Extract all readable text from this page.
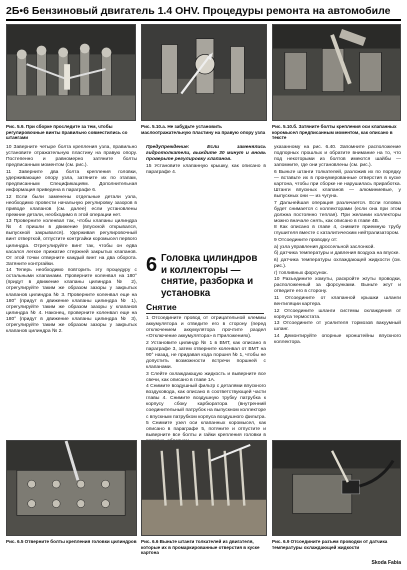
2Б•6 Бензиновый двигатель 1.4 OHV. Процедуры ремонта на автомобиле
Рис. 5.9. При сборке проследите за тем, чтобы регулировочные винты правильно совместились со штангами
Рис. 5.10.а. Не забудьте установить маслоотражательную пластину на правую опору узла
Рис. 5.10.б. Затяните болты крепления оси клапанных коромысел предписанным моментом, как описано в тексте

10 Заверните четыре болта крепления узла, правильно установите отражательную пластину на правую опору. Постепенно и равномерно затяните болты предписанным моментом (см. рис.).

11 Заверните два болта крепления головки, удерживающие опору узла, затяните их по этапам, предписанным Спецификациям. Дополнительная информация приведена в параграфе 6.

12 Если были заменены отдельные детали узла, необходимо провести начальную регулировку зазоров в приводе клапанов (см. далее) если установлены прежние детали, необходимо в этой операции нет.

13 Проверните коленвал так, чтобы клапаны цилиндра № 4 пришли в движение (впускной открывался, выпускной закрывался). Удерживая регулировочный винт отверткой, отпустите контргайки коромысел первого цилиндра. Отрегулируйте винт так, чтобы он едва касался легкое прижатие стержней закрытых клапанов. От этой точки отверните каждый винт на два оборота. Затяните контргайки.

14 Теперь необходимо повторить эту процедуру с остальными клапанами. Проверните коленвал на 180° (придут в движение клапаны цилиндра № 2), отрегулируйте таким же образом зазоры у закрытых клапанов цилиндра № 3. Проверните коленвал еще на 180° (придут в движение клапаны цилиндра № 1), отрегулируйте таким же образом зазоры у клапанов цилиндра № 4. Наконец, проверните коленвал еще на 180° (придут в движение клапаны цилиндра № 3), отрегулируйте таким же образом зазоры у закрытых клапанов цилиндра № 2.

Предупреждение: Если заменялись гидротолкатели, выждите 30 минут и вновь проверьте регулировку клапанов.

15 Установите клапанную крышку, как описано в параграфе 4.

6 Головка цилиндров и коллекторы — снятие, разборка и установка
Снятие

1 Отсоедините провод от отрицательной клеммы аккумулятора и отведите его в сторону (перед отключением аккумулятора прочтите раздел «Отключение аккумулятора» в Приложениях).

2 Установите цилиндр № 1 в ВМТ, как описано в параграфе 3, затем отверните коленвал от ВМТ на 90° назад, не придавая кода поршня № 1, чтобы не допустить возможности встречи поршней с клапанами.

3 Слейте охлаждающую жидкость и выверните все свечи, как описано в главе 1А.

4 Снимите воздушный фильтр с деталями впускного воздуховода, как описано в соответствующей части главы 4. Снимите воздушную трубку патрубка к корпусу сбоку карбюратора (внутренний соединительный патрубок на выпускном коллекторе с впускным патрубком корпуса воздушного фильтра.

5 Снимите узел оси клапанных коромысел, как описано в параграфе 5, потяните и отпустите и выверните все болты и гайки крепления головки в

указанному на рис. 6.40. Запомните расположение подпорных прошлых и обратите внимание на то, что под некоторыми из болтов имеются шайбы — запомните, где они установлены (см. рис.).

6 Выньте штанги толкателей, разложив их по порядку — вставьте их в пронумерованные отверстия в куске картона, чтобы при сборке не нарушилась приработка. Штанги впускных клапанов — алюминиевые, у выпускных они — из чугуна.

7 Дальнейшая операция различается. Если головка будет снимается с коллекторами (если она при этом должна постоянно теплая). При желании коллекторы можно вначале снять, как описано в главе 4В.

8 Как описано в главе 4, снимите приемную трубу глушителя вместе с каталитическим нейтрализатором.

9 Отсоедините проводку от:

а) узла управления дроссельной заслонкой.

б) датчика температуры и давления воздуха на впуске.

в) датчика температуры охлаждающей жидкости (см. рис.).

г) топливных форсунок.

10 Разъедините хомуты, раскройте жгуты проводки, расположенный за форсунками. Выньте жгут и отведите его в сторону.

11 Отсоедините от клапанной крышки шланги вентиляции картера.

12 Отсоедините шланги системы охлаждения от корпуса термостата.

13 Отсоедините от усилителя тормозов вакуумный шланг.

14 Демонтируйте опорные кронштейны впускного коллектора.

Рис. 6.5 Отверните болты крепления головки цилиндров Рис. 6.6 Выньте штанги толкателей из двигателя, которые их в промаркированные отверстия в куске картона
Рис. 6.9 Отсоедините разъем проводки от датчика температуры охлаждающей жидкости
Skoda Fabia
